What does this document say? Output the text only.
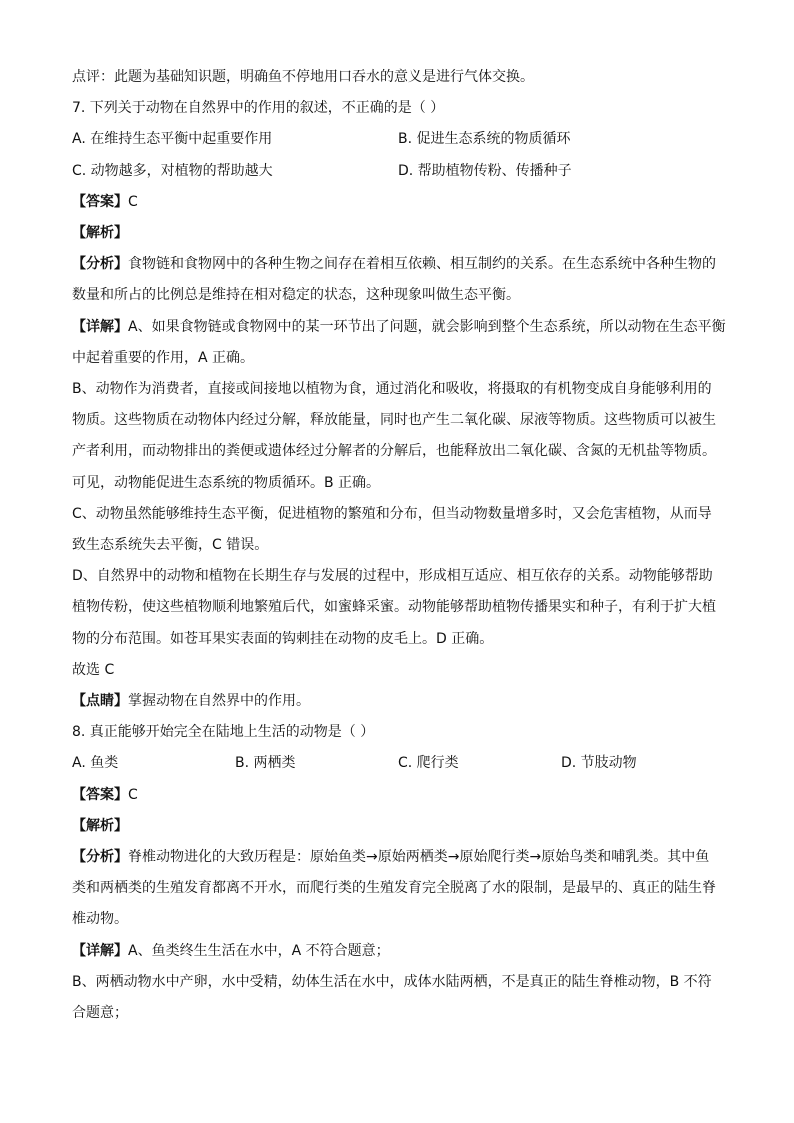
点评：此题为基础知识题，明确鱼不停地用口吞水的意义是进行气体交换。
7. 下列关于动物在自然界中的作用的叙述，不正确的是（ ）
A. 在维持生态平衡中起重要作用	B. 促进生态系统的物质循环
C. 动物越多，对植物的帮助越大	D. 帮助植物传粉、传播种子
【答案】C
【解析】
【分析】食物链和食物网中的各种生物之间存在着相互依赖、相互制约的关系。在生态系统中各种生物的
数量和所占的比例总是维持在相对稳定的状态，这种现象叫做生态平衡。
【详解】A、如果食物链或食物网中的某一环节出了问题，就会影响到整个生态系统，所以动物在生态平衡
中起着重要的作用，A 正确。
B、动物作为消费者，直接或间接地以植物为食，通过消化和吸收，将摄取的有机物变成自身能够利用的
物质。这些物质在动物体内经过分解，释放能量，同时也产生二氧化碳、尿液等物质。这些物质可以被生
产者利用，而动物排出的粪便或遗体经过分解者的分解后，也能释放出二氧化碳、含氮的无机盐等物质。
可见，动物能促进生态系统的物质循环。B 正确。
C、动物虽然能够维持生态平衡，促进植物的繁殖和分布，但当动物数量增多时，又会危害植物，从而导
致生态系统失去平衡，C 错误。
D、自然界中的动物和植物在长期生存与发展的过程中，形成相互适应、相互依存的关系。动物能够帮助
植物传粉，使这些植物顺利地繁殖后代，如蜜蜂采蜜。动物能够帮助植物传播果实和种子，有利于扩大植
物的分布范围。如苍耳果实表面的钩刺挂在动物的皮毛上。D 正确。
故选 C
【点睛】掌握动物在自然界中的作用。
8. 真正能够开始完全在陆地上生活的动物是（ ）
A. 鱼类	B. 两栖类	C. 爬行类	D. 节肢动物
【答案】C
【解析】
【分析】脊椎动物进化的大致历程是：原始鱼类→原始两栖类→原始爬行类→原始鸟类和哺乳类。其中鱼
类和两栖类的生殖发育都离不开水，而爬行类的生殖发育完全脱离了水的限制，是最早的、真正的陆生脊
椎动物。
【详解】A、鱼类终生生活在水中，A 不符合题意；
B、两栖动物水中产卵，水中受精，幼体生活在水中，成体水陆两栖，不是真正的陆生脊椎动物，B 不符
合题意；
